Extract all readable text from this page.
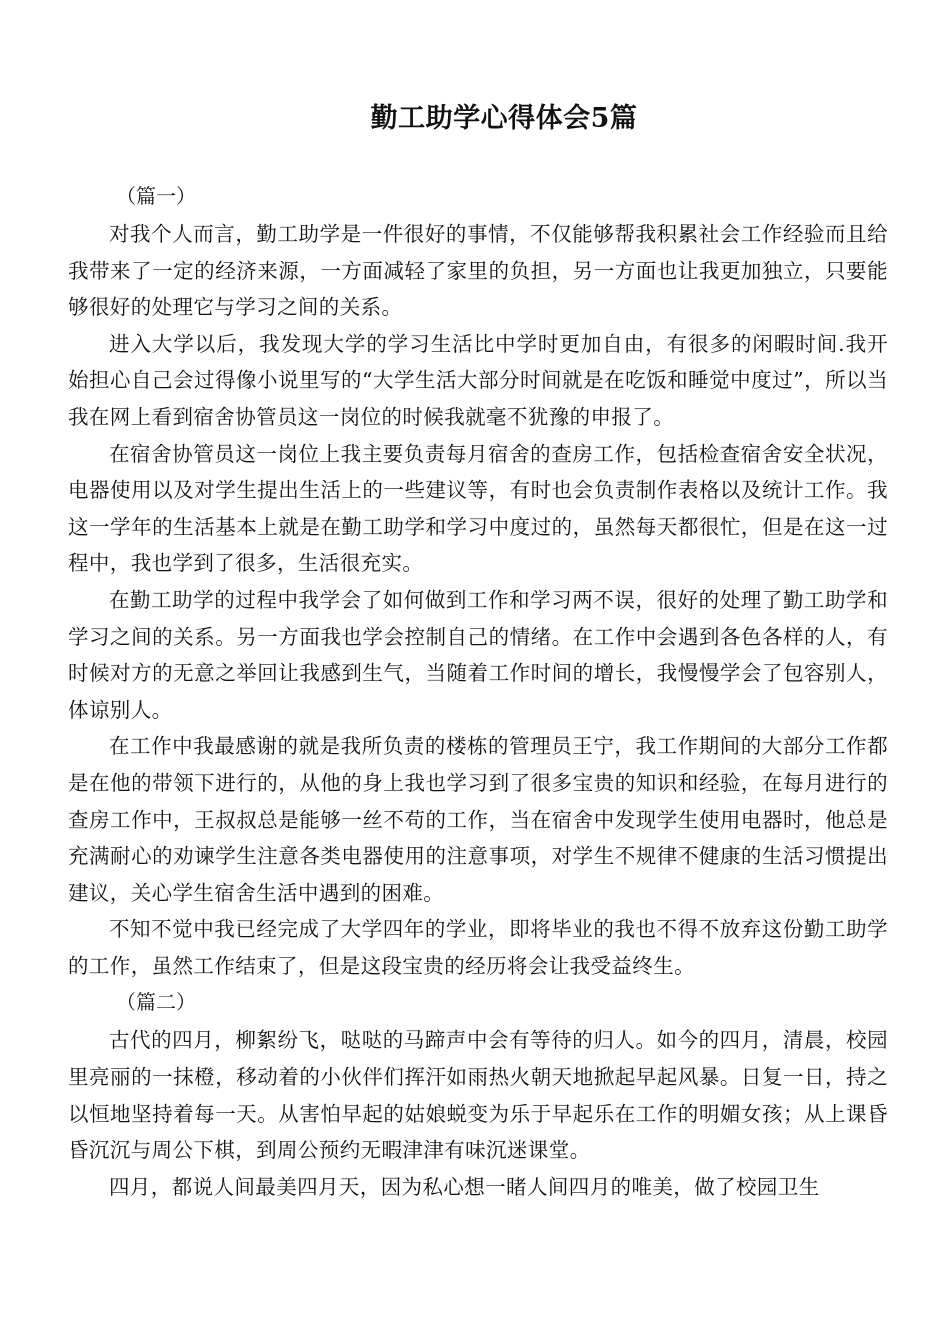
勤工助学心得体会5篇

（篇一）

对我个人而言，勤工助学是一件很好的事情，不仅能够帮我积累社会工作经验而且给我带来了一定的经济来源，一方面减轻了家里的负担，另一方面也让我更加独立，只要能够很好的处理它与学习之间的关系。

进入大学以后，我发现大学的学习生活比中学时更加自由，有很多的闲暇时间.我开始担心自己会过得像小说里写的“大学生活大部分时间就是在吃饭和睡觉中度过”，所以当我在网上看到宿舍协管员这一岗位的时候我就毫不犹豫的申报了。

在宿舍协管员这一岗位上我主要负责每月宿舍的查房工作，包括检查宿舍安全状况，电器使用以及对学生提出生活上的一些建议等，有时也会负责制作表格以及统计工作。我这一学年的生活基本上就是在勤工助学和学习中度过的，虽然每天都很忙，但是在这一过程中，我也学到了很多，生活很充实。

在勤工助学的过程中我学会了如何做到工作和学习两不误，很好的处理了勤工助学和学习之间的关系。另一方面我也学会控制自己的情绪。在工作中会遇到各色各样的人，有时候对方的无意之举回让我感到生气，当随着工作时间的增长，我慢慢学会了包容别人，体谅别人。

在工作中我最感谢的就是我所负责的楼栋的管理员王宁，我工作期间的大部分工作都是在他的带领下进行的，从他的身上我也学习到了很多宝贵的知识和经验，在每月进行的查房工作中，王叔叔总是能够一丝不苟的工作，当在宿舍中发现学生使用电器时，他总是充满耐心的劝谏学生注意各类电器使用的注意事项，对学生不规律不健康的生活习惯提出建议，关心学生宿舍生活中遇到的困难。

不知不觉中我已经完成了大学四年的学业，即将毕业的我也不得不放弃这份勤工助学的工作，虽然工作结束了，但是这段宝贵的经历将会让我受益终生。

（篇二）

古代的四月，柳絮纷飞，哒哒的马蹄声中会有等待的归人。如今的四月，清晨，校园里亮丽的一抹橙，移动着的小伙伴们挥汗如雨热火朝天地掀起早起风暴。日复一日，持之以恒地坚持着每一天。从害怕早起的姑娘蜕变为乐于早起乐在工作的明媚女孩；从上课昏昏沉沉与周公下棋，到周公预约无暇津津有味沉迷课堂。

四月，都说人间最美四月天，因为私心想一睹人间四月的唯美，做了校园卫生
